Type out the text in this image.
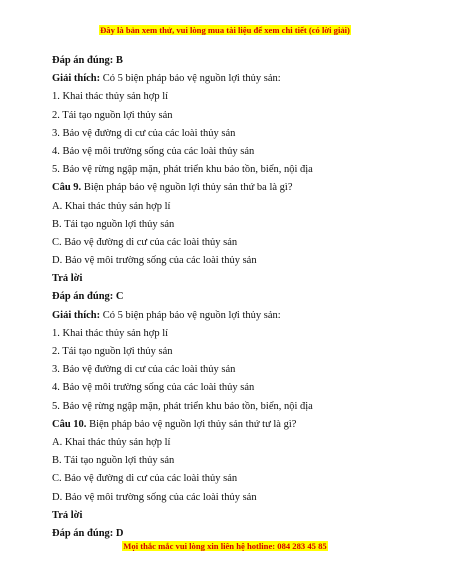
Đây là bản xem thử, vui lòng mua tài liệu để xem chi tiết (có lời giải)
Đáp án đúng: B
Giải thích: Có 5 biện pháp bảo vệ nguồn lợi thủy sản:
1. Khai thác thủy sản hợp lí
2. Tái tạo nguồn lợi thủy sản
3. Bảo vệ đường di cư của các loài thủy sản
4. Bảo vệ môi trường sống của các loài thủy sản
5. Bảo vệ rừng ngập mặn, phát triển khu bảo tồn, biển, nội địa
Câu 9. Biện pháp bảo vệ nguồn lợi thủy sản thứ ba là gì?
A. Khai thác thủy sản hợp lí
B. Tái tạo nguồn lợi thủy sản
C. Bảo vệ đường di cư của các loài thủy sản
D. Bảo vệ môi trường sống của các loài thủy sản
Trả lời
Đáp án đúng: C
Giải thích: Có 5 biện pháp bảo vệ nguồn lợi thủy sản:
1. Khai thác thủy sản hợp lí
2. Tái tạo nguồn lợi thủy sản
3. Bảo vệ đường di cư của các loài thủy sản
4. Bảo vệ môi trường sống của các loài thủy sản
5. Bảo vệ rừng ngập mặn, phát triển khu bảo tồn, biển, nội địa
Câu 10. Biện pháp bảo vệ nguồn lợi thủy sản thứ tư là gì?
A. Khai thác thủy sản hợp lí
B. Tái tạo nguồn lợi thủy sản
C. Bảo vệ đường di cư của các loài thủy sản
D. Bảo vệ môi trường sống của các loài thủy sản
Trả lời
Đáp án đúng: D
Mọi thắc mắc vui lòng xin liên hệ hotline: 084 283 45 85
